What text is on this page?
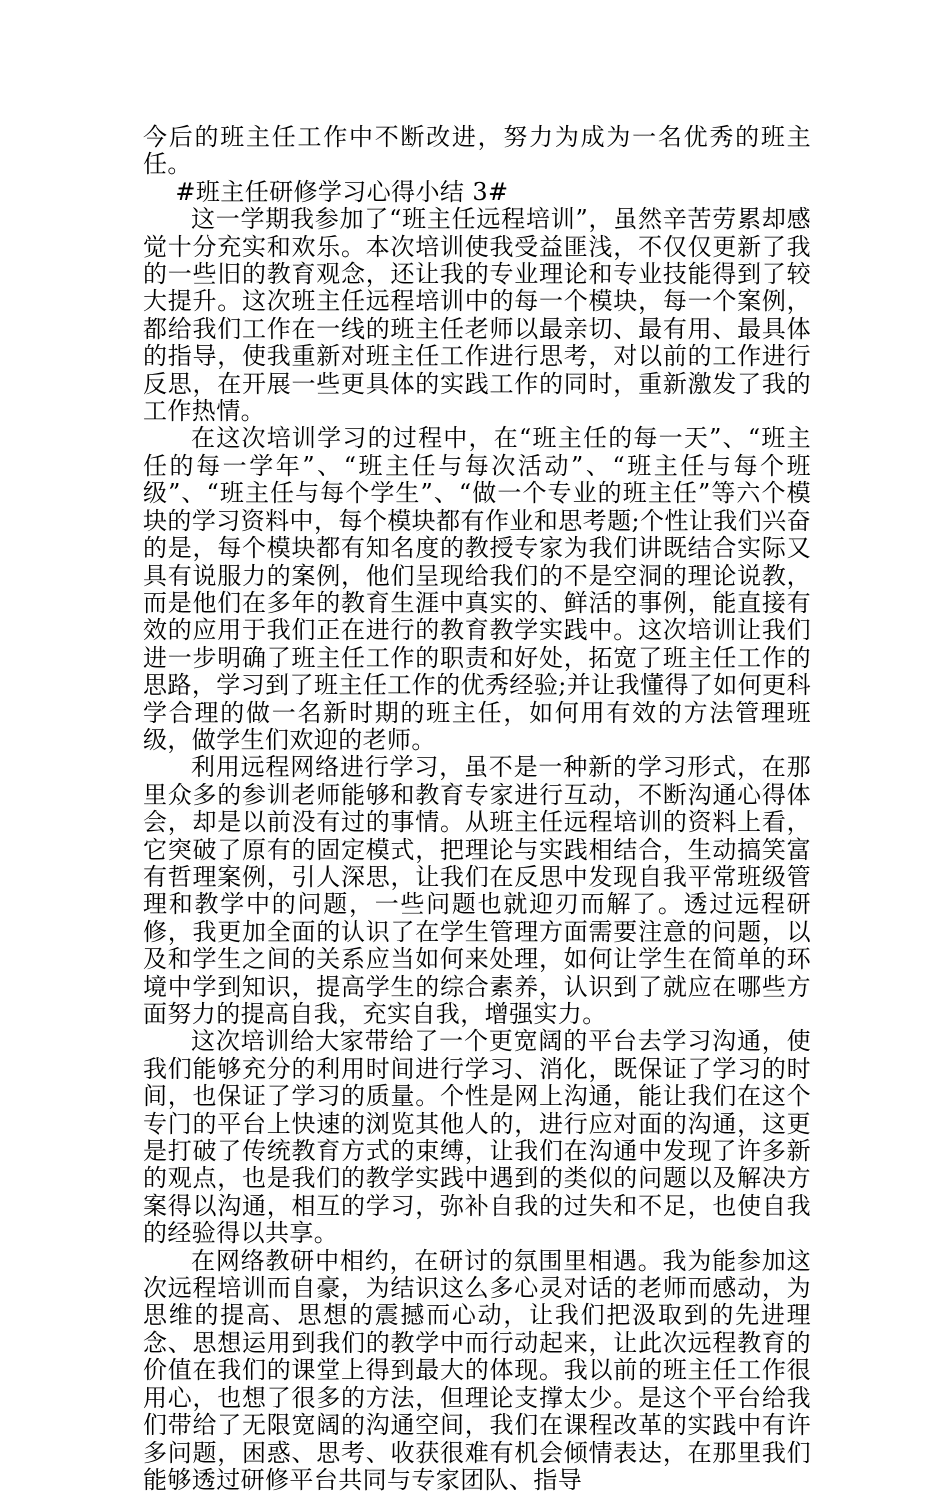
今后的班主任工作中不断改进，努力为成为一名优秀的班主任。

#班主任研修学习心得小结 3#

这一学期我参加了“班主任远程培训”，虽然辛苦劳累却感觉十分充实和欢乐。本次培训使我受益匪浅，不仅仅更新了我的一些旧的教育观念，还让我的专业理论和专业技能得到了较大提升。这次班主任远程培训中的每一个模块，每一个案例，都给我们工作在一线的班主任老师以最亲切、最有用、最具体的指导，使我重新对班主任工作进行思考，对以前的工作进行反思，在开展一些更具体的实践工作的同时，重新激发了我的工作热情。

在这次培训学习的过程中，在“班主任的每一天”、“班主任的每一学年”、“班主任与每次活动”、“班主任与每个班级”、“班主任与每个学生”、“做一个专业的班主任”等六个模块的学习资料中，每个模块都有作业和思考题;个性让我们兴奋的是，每个模块都有知名度的教授专家为我们讲既结合实际又具有说服力的案例，他们呈现给我们的不是空洞的理论说教，而是他们在多年的教育生涯中真实的、鲜活的事例，能直接有效的应用于我们正在进行的教育教学实践中。这次培训让我们进一步明确了班主任工作的职责和好处，拓宽了班主任工作的思路，学习到了班主任工作的优秀经验;并让我懂得了如何更科学合理的做一名新时期的班主任，如何用有效的方法管理班级，做学生们欢迎的老师。

利用远程网络进行学习，虽不是一种新的学习形式，在那里众多的参训老师能够和教育专家进行互动，不断沟通心得体会，却是以前没有过的事情。从班主任远程培训的资料上看，它突破了原有的固定模式，把理论与实践相结合，生动搞笑富有哲理案例，引人深思，让我们在反思中发现自我平常班级管理和教学中的问题，一些问题也就迎刃而解了。透过远程研修，我更加全面的认识了在学生管理方面需要注意的问题，以及和学生之间的关系应当如何来处理，如何让学生在简单的环境中学到知识，提高学生的综合素养，认识到了就应在哪些方面努力的提高自我，充实自我，增强实力。

这次培训给大家带给了一个更宽阔的平台去学习沟通，使我们能够充分的利用时间进行学习、消化，既保证了学习的时间，也保证了学习的质量。个性是网上沟通，能让我们在这个专门的平台上快速的浏览其他人的，进行应对面的沟通，这更是打破了传统教育方式的束缚，让我们在沟通中发现了许多新的观点，也是我们的教学实践中遇到的类似的问题以及解决方案得以沟通，相互的学习，弥补自我的过失和不足，也使自我的经验得以共享。

在网络教研中相约，在研讨的氛围里相遇。我为能参加这次远程培训而自豪，为结识这么多心灵对话的老师而感动，为思维的提高、思想的震撼而心动，让我们把汲取到的先进理念、思想运用到我们的教学中而行动起来，让此次远程教育的价值在我们的课堂上得到最大的体现。我以前的班主任工作很用心，也想了很多的方法，但理论支撑太少。是这个平台给我们带给了无限宽阔的沟通空间，我们在课程改革的实践中有许多问题，困惑、思考、收获很难有机会倾情表达，在那里我们能够透过研修平台共同与专家团队、指导
